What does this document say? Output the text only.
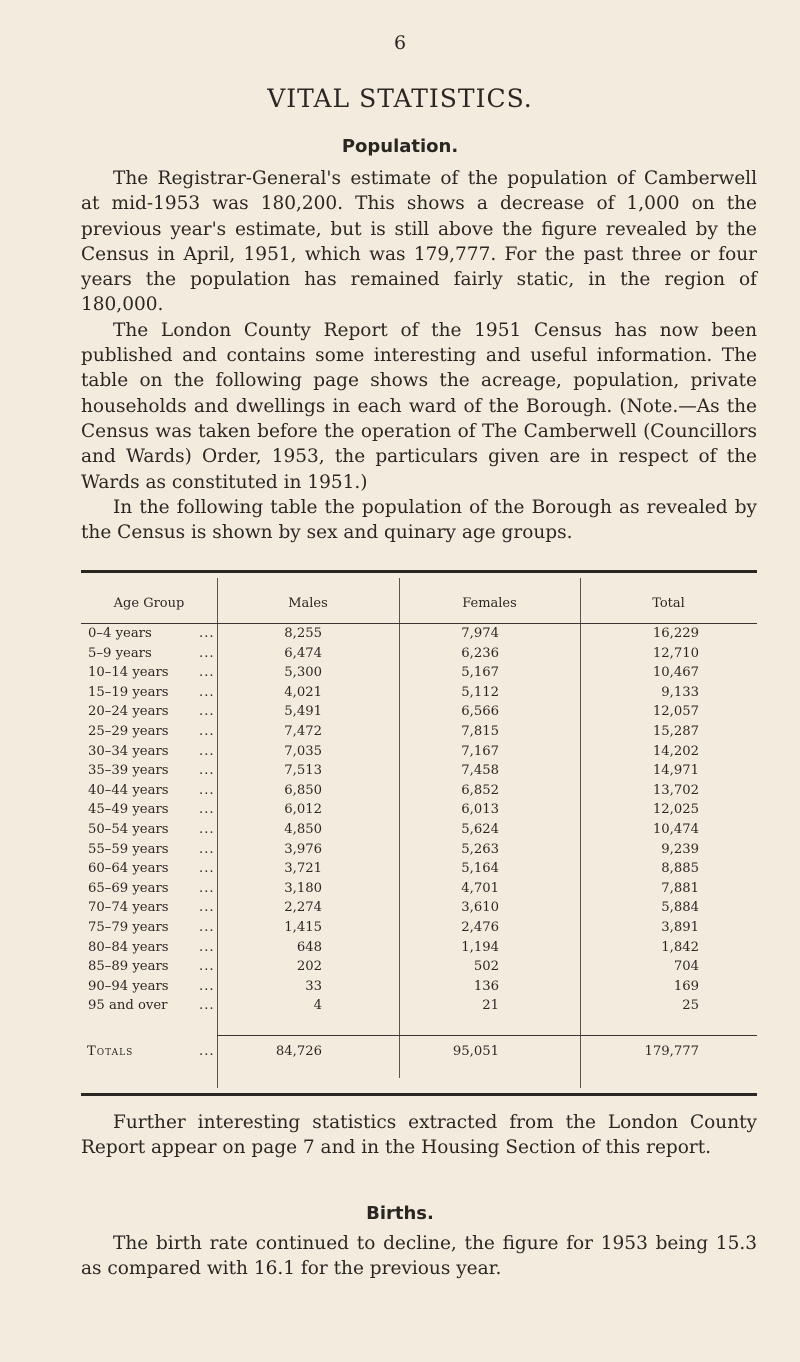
6
VITAL STATISTICS.
Population.

The Registrar-General's estimate of the population of Camberwell at mid-1953 was 180,200. This shows a decrease of 1,000 on the previous year's estimate, but is still above the figure revealed by the Census in April, 1951, which was 179,777. For the past three or four years the population has remained fairly static, in the region of 180,000.

The London County Report of the 1951 Census has now been published and contains some interesting and useful information. The table on the following page shows the acreage, population, private households and dwellings in each ward of the Borough. (Note.—As the Census was taken before the operation of The Camberwell (Councillors and Wards) Order, 1953, the particulars given are in respect of the Wards as constituted in 1951.)

In the following table the population of the Borough as revealed by the Census is shown by sex and quinary age groups.

Age Group	Males	Females	Total
0–4 years	...	8,255	7,974	16,229
5–9 years	...	6,474	6,236	12,710
10–14 years ...	5,300	5,167	10,467
15–19 years ...	4,021	5,112	9,133
20–24 years ...	5,491	6,566	12,057
25–29 years ...	7,472	7,815	15,287
30–34 years ...	7,035	7,167	14,202
35–39 years ...	7,513	7,458	14,971
40–44 years ...	6,850	6,852	13,702
45–49 years ...	6,012	6,013	12,025
50–54 years ...	4,850	5,624	10,474
55–59 years ...	3,976	5,263	9,239
60–64 years ...	3,721	5,164	8,885
65–69 years ...	3,180	4,701	7,881
70–74 years ...	2,274	3,610	5,884
75–79 years ...	1,415	2,476	3,891
80–84 years ...	648	1,194	1,842
85–89 years ...	202	502	704
90–94 years ...	33	136	169
95 and over ...	4	21	25
Totals	...	84,726	95,051	179,777

Further interesting statistics extracted from the London County Report appear on page 7 and in the Housing Section of this report.

Births.

The birth rate continued to decline, the figure for 1953 being 15.3 as compared with 16.1 for the previous year.
